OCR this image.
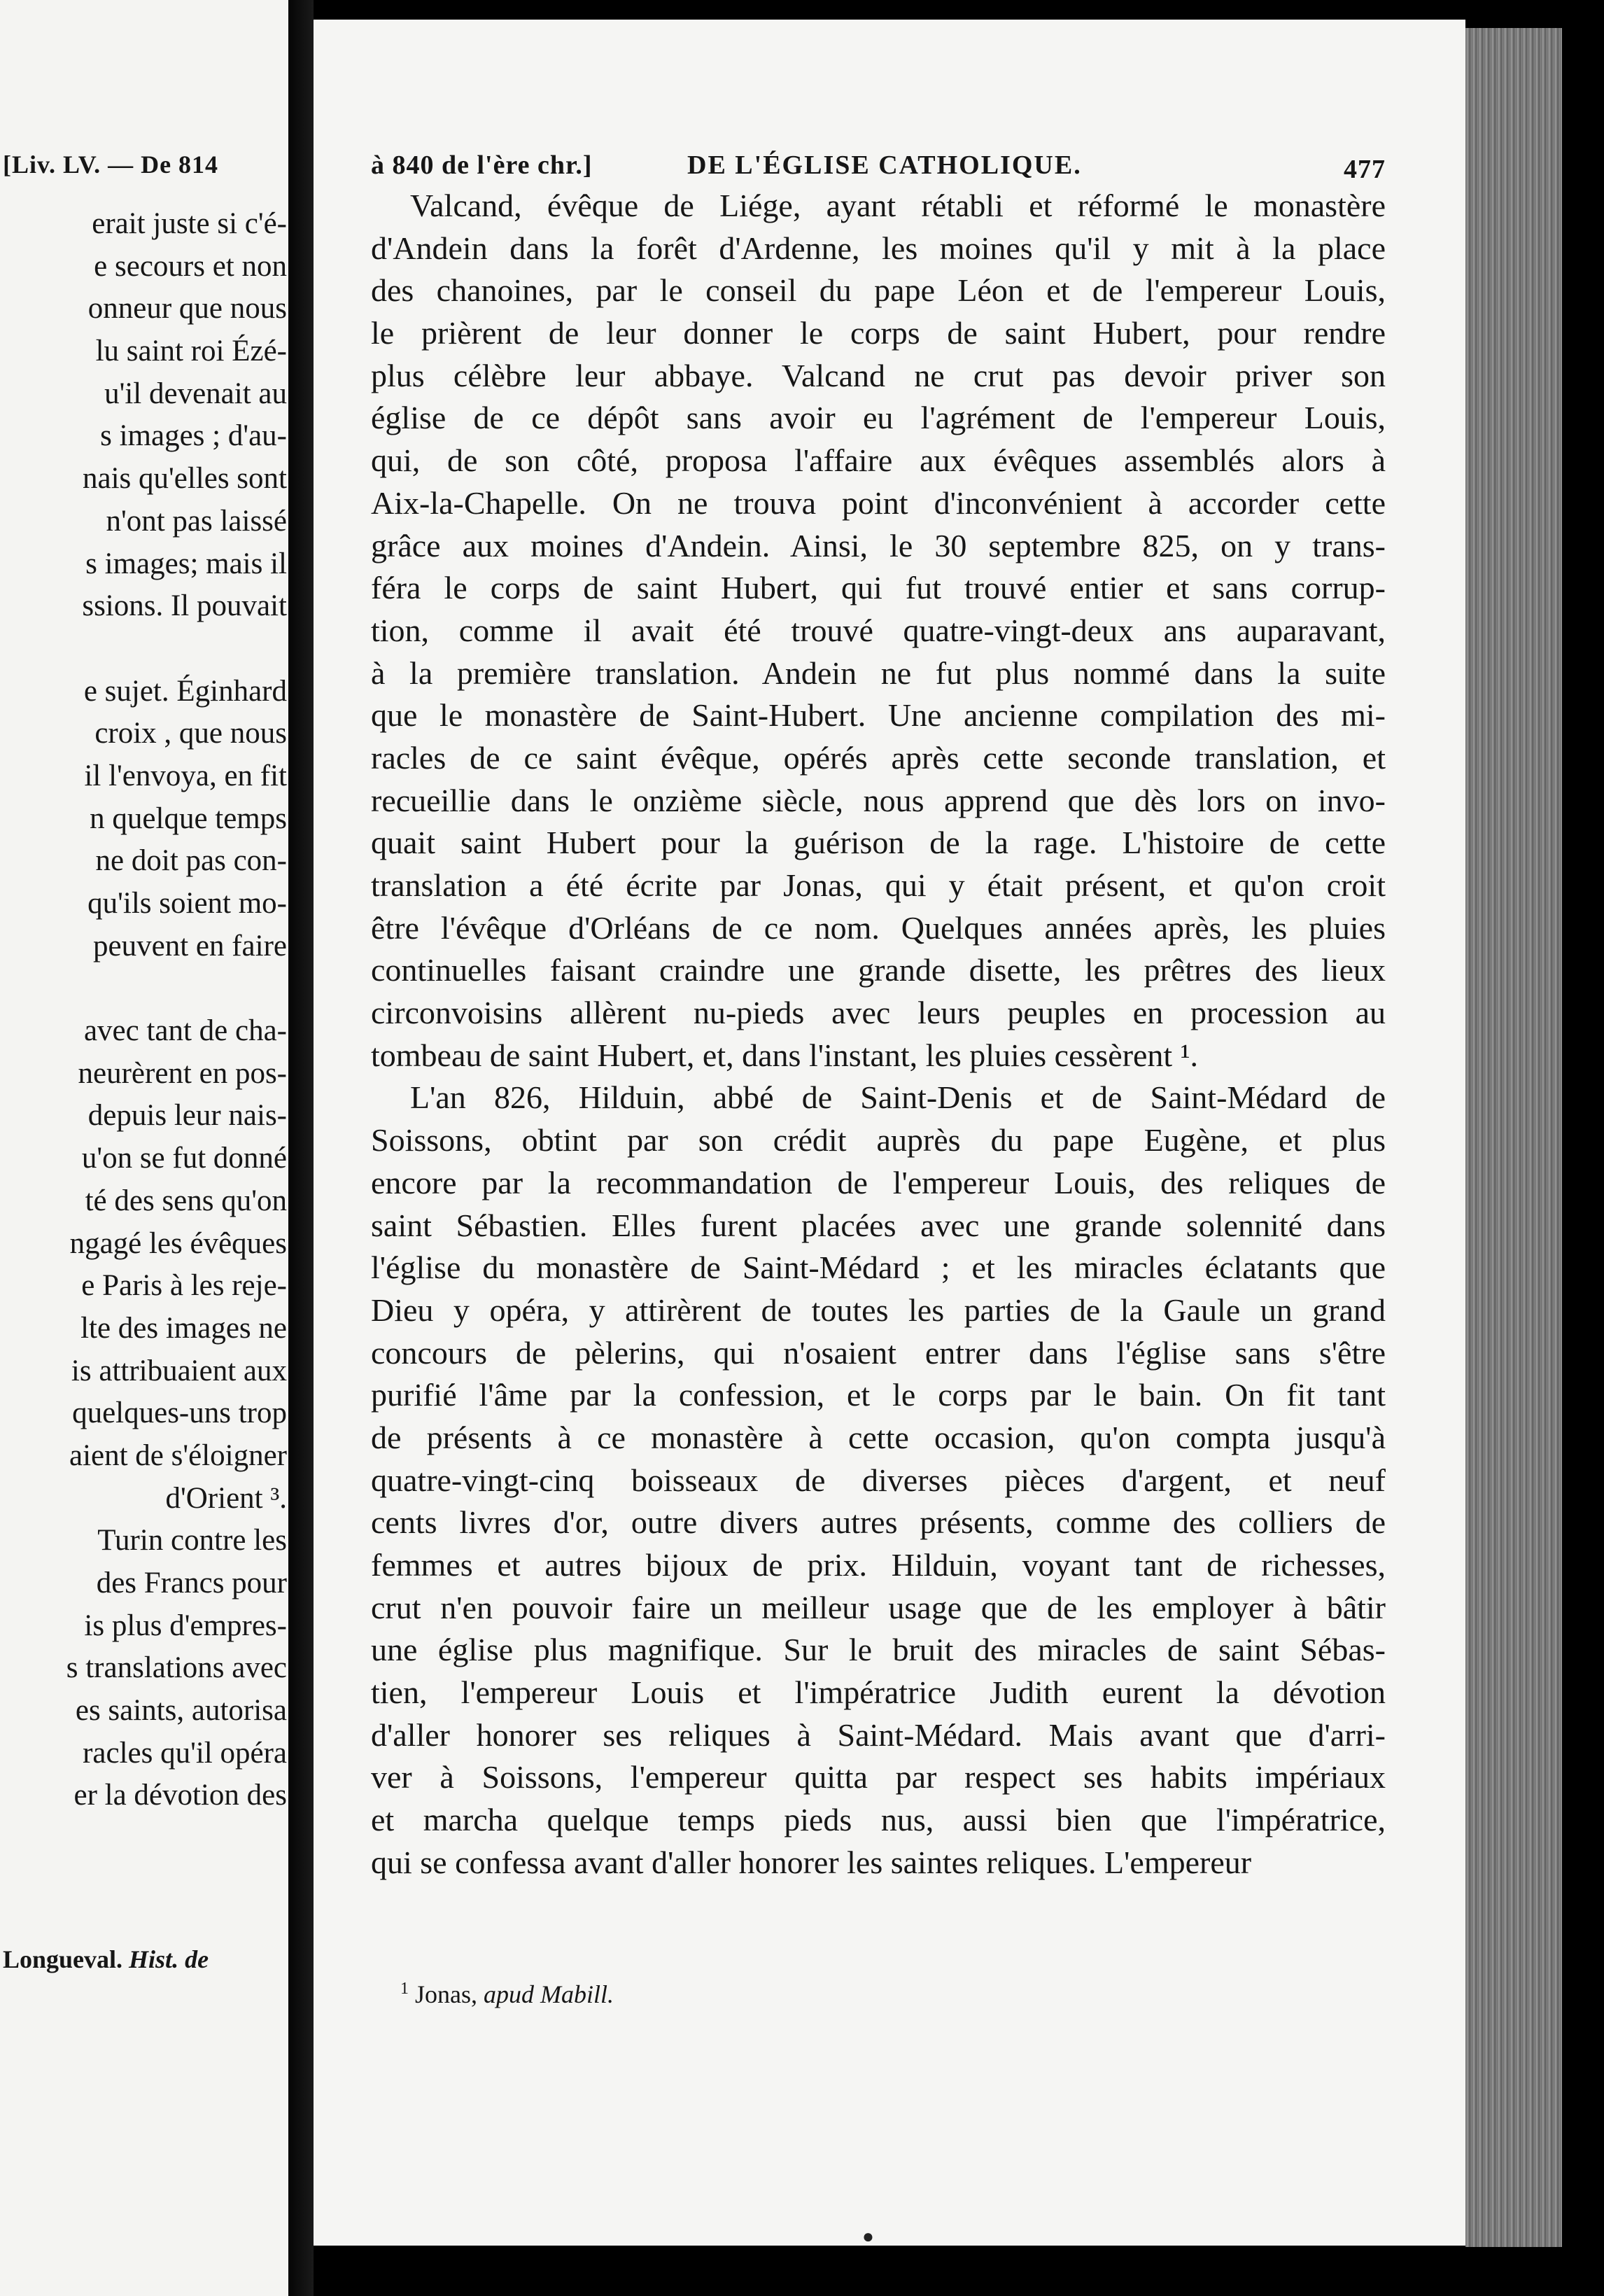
[Liv. LV. — De 814
erait juste si c'é-
e secours et non
onneur que nous
lu saint roi Ézé-
u'il devenait au
s images ; d'au-
nais qu'elles sont
n'ont pas laissé
s images; mais il
ssions. Il pouvait
e sujet. Éginhard
croix , que nous
il l'envoya, en fit
n quelque temps
ne doit pas con-
qu'ils soient mo-
peuvent en faire
avec tant de cha-
neurèrent en pos-
depuis leur nais-
u'on se fut donné
té des sens qu'on
ngagé les évêques
e Paris à les reje-
lte des images ne
is attribuaient aux
quelques-uns trop
aient de s'éloigner
d'Orient ³.
Turin contre les
des Francs pour
is plus d'empres-
s translations avec
es saints, autorisa
racles qu'il opéra
er la dévotion des
Longueval. Hist. de
à 840 de l'ère chr.]	DE L'ÉGLISE CATHOLIQUE.	477
Valcand, évêque de Liége, ayant rétabli et réformé le monastère
d'Andein dans la forêt d'Ardenne, les moines qu'il y mit à la place
des chanoines, par le conseil du pape Léon et de l'empereur Louis,
le prièrent de leur donner le corps de saint Hubert, pour rendre
plus célèbre leur abbaye. Valcand ne crut pas devoir priver son
église de ce dépôt sans avoir eu l'agrément de l'empereur Louis,
qui, de son côté, proposa l'affaire aux évêques assemblés alors à
Aix-la-Chapelle. On ne trouva point d'inconvénient à accorder cette
grâce aux moines d'Andein. Ainsi, le 30 septembre 825, on y trans-
féra le corps de saint Hubert, qui fut trouvé entier et sans corrup-
tion, comme il avait été trouvé quatre-vingt-deux ans auparavant,
à la première translation. Andein ne fut plus nommé dans la suite
que le monastère de Saint-Hubert. Une ancienne compilation des mi-
racles de ce saint évêque, opérés après cette seconde translation, et
recueillie dans le onzième siècle, nous apprend que dès lors on invo-
quait saint Hubert pour la guérison de la rage. L'histoire de cette
translation a été écrite par Jonas, qui y était présent, et qu'on croit
être l'évêque d'Orléans de ce nom. Quelques années après, les pluies
continuelles faisant craindre une grande disette, les prêtres des lieux
circonvoisins allèrent nu-pieds avec leurs peuples en procession au
tombeau de saint Hubert, et, dans l'instant, les pluies cessèrent ¹.
L'an 826, Hilduin, abbé de Saint-Denis et de Saint-Médard de
Soissons, obtint par son crédit auprès du pape Eugène, et plus
encore par la recommandation de l'empereur Louis, des reliques de
saint Sébastien. Elles furent placées avec une grande solennité dans
l'église du monastère de Saint-Médard ; et les miracles éclatants que
Dieu y opéra, y attirèrent de toutes les parties de la Gaule un grand
concours de pèlerins, qui n'osaient entrer dans l'église sans s'être
purifié l'âme par la confession, et le corps par le bain. On fit tant
de présents à ce monastère à cette occasion, qu'on compta jusqu'à
quatre-vingt-cinq boisseaux de diverses pièces d'argent, et neuf
cents livres d'or, outre divers autres présents, comme des colliers de
femmes et autres bijoux de prix. Hilduin, voyant tant de richesses,
crut n'en pouvoir faire un meilleur usage que de les employer à bâtir
une église plus magnifique. Sur le bruit des miracles de saint Sébas-
tien, l'empereur Louis et l'impératrice Judith eurent la dévotion
d'aller honorer ses reliques à Saint-Médard. Mais avant que d'arri-
ver à Soissons, l'empereur quitta par respect ses habits impériaux
et marcha quelque temps pieds nus, aussi bien que l'impératrice,
qui se confessa avant d'aller honorer les saintes reliques. L'empereur
$^1$ Jonas, apud Mabill.
●
